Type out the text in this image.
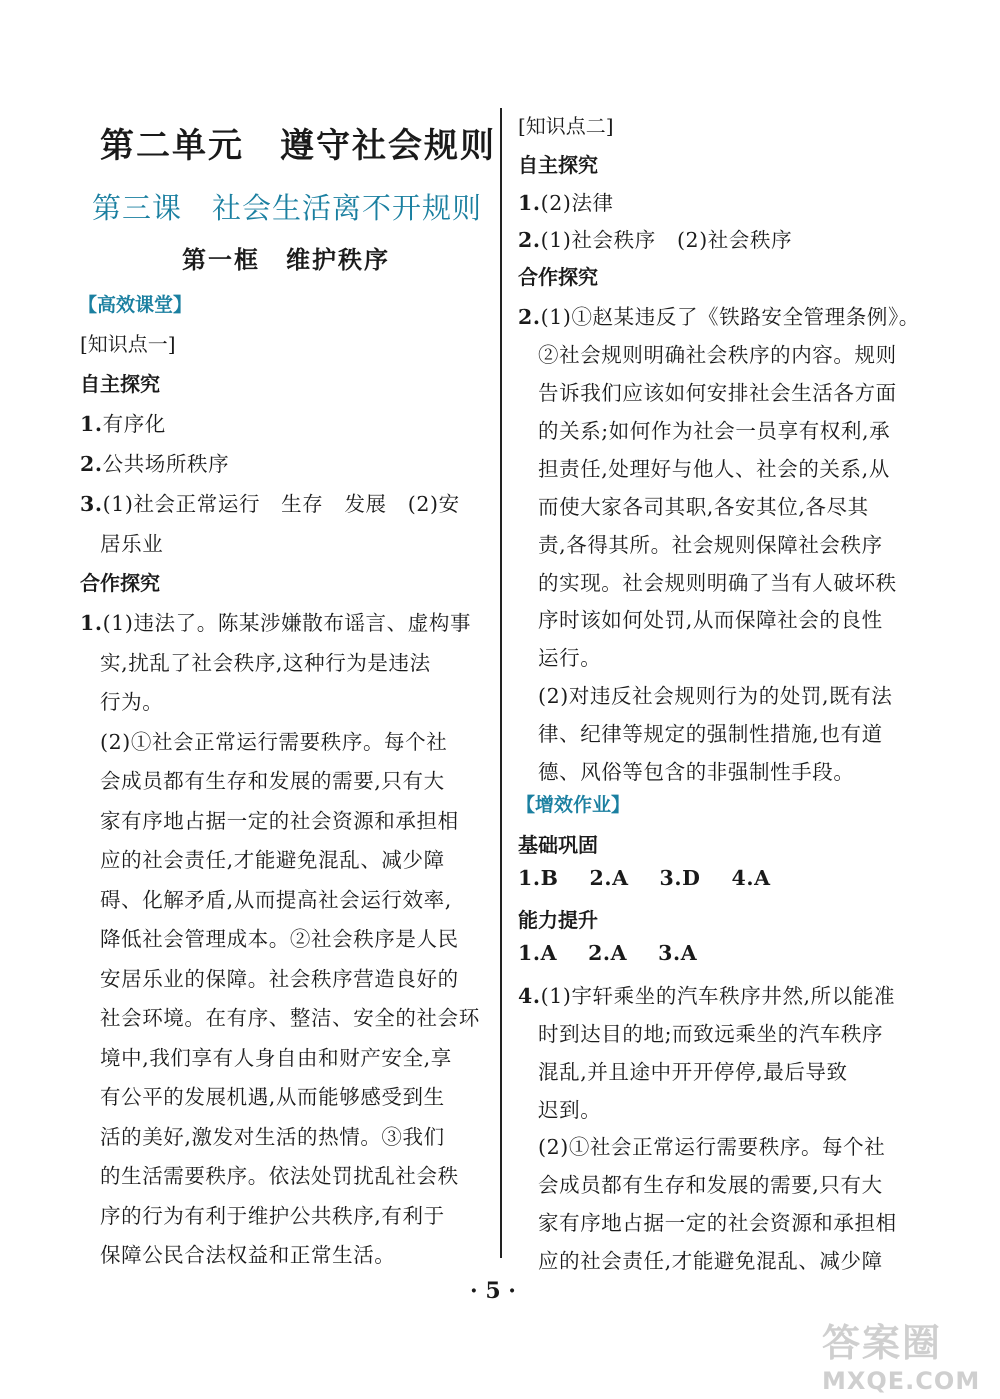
第二单元　遵守社会规则
第三课　社会生活离不开规则
第一框　维护秩序
【高效课堂】
[知识点一]
自主探究
1.有序化
2.公共场所秩序
3.(1)社会正常运行　生存　发展　(2)安
居乐业
合作探究
1.(1)违法了。陈某涉嫌散布谣言、虚构事
实,扰乱了社会秩序,这种行为是违法
行为。
(2)①社会正常运行需要秩序。每个社
会成员都有生存和发展的需要,只有大
家有序地占据一定的社会资源和承担相
应的社会责任,才能避免混乱、减少障
碍、化解矛盾,从而提高社会运行效率,
降低社会管理成本。②社会秩序是人民
安居乐业的保障。社会秩序营造良好的
社会环境。在有序、整洁、安全的社会环
境中,我们享有人身自由和财产安全,享
有公平的发展机遇,从而能够感受到生
活的美好,激发对生活的热情。③我们
的生活需要秩序。依法处罚扰乱社会秩
序的行为有利于维护公共秩序,有利于
保障公民合法权益和正常生活。
[知识点二]
自主探究
1.(2)法律
2.(1)社会秩序　(2)社会秩序
合作探究
2.(1)①赵某违反了《铁路安全管理条例》。
②社会规则明确社会秩序的内容。规则
告诉我们应该如何安排社会生活各方面
的关系;如何作为社会一员享有权利,承
担责任,处理好与他人、社会的关系,从
而使大家各司其职,各安其位,各尽其
责,各得其所。社会规则保障社会秩序
的实现。社会规则明确了当有人破坏秩
序时该如何处罚,从而保障社会的良性
运行。
(2)对违反社会规则行为的处罚,既有法
律、纪律等规定的强制性措施,也有道
德、风俗等包含的非强制性手段。
【增效作业】
基础巩固
1.B 2.A 3.D 4.A
能力提升
1.A 2.A 3.A
4.(1)宇轩乘坐的汽车秩序井然,所以能准
时到达目的地;而致远乘坐的汽车秩序
混乱,并且途中开开停停,最后导致
迟到。
(2)①社会正常运行需要秩序。每个社
会成员都有生存和发展的需要,只有大
家有序地占据一定的社会资源和承担相
应的社会责任,才能避免混乱、减少障
· 5 ·
答案圈
MXQE.COM
